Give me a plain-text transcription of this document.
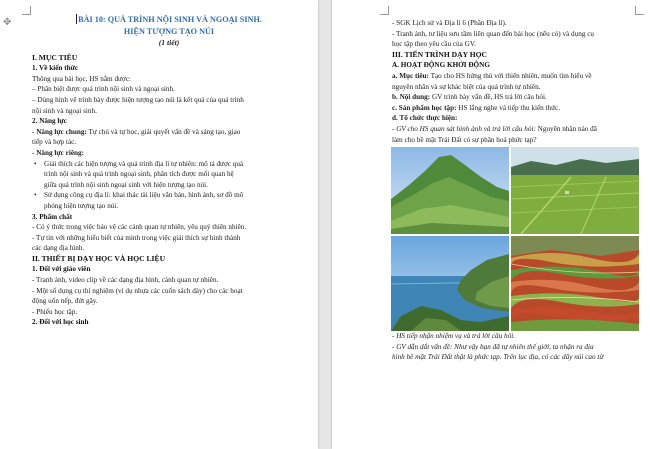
✥	BÀI 10: QUÁ TRÌNH NỘI SINH VÀ NGOẠI SINH.
HIỆN TƯỢNG TẠO NÚI
(1 tiết)
I. MỤC TIÊU
1. Về kiến thức
Thông qua bài học, HS nắm được:
– Phân biệt được quá trình nội sinh và ngoại sinh.
– Dùng hình vẽ trình bày được hiện tượng tạo núi là kết quả của quá trình
nội sinh và ngoại sinh.
2. Năng lực
- Năng lực chung: Tự chủ và tự học, giải quyết vấn đề và sáng tạo, giao
tiếp và hợp tác.
- Năng lực riêng:
• Giải thích các hiện tượng và quá trình địa lí tự nhiên: mô tả được quá
trình nội sinh và quá trình ngoại sinh, phân tích được mối quan hệ
giữa quá trình nội sinh ngoại sinh với hiện tượng tạo núi.
• Sử dụng công cụ địa lí: khai thác tài liệu văn bản, hình ảnh, sơ đồ mô
phỏng hiện tượng tạo núi.
3. Phẩm chất
- Có ý thức trong việc bảo vệ các cảnh quan tự nhiên, yêu quý thiên nhiên.
- Tự tin với những hiểu biết của mình trong việc giải thích sự hình thành
các dạng địa hình.
II. THIẾT BỊ DẠY HỌC VÀ HỌC LIỆU
1. Đối với giáo viên
- Tranh ảnh, video clip về các dạng địa hình, cảnh quan tự nhiên.
- Một số dụng cụ thí nghiệm (ví dụ nhựa các cuốn sách dày) cho các hoạt
động uốn nếp, đứt gãy.
- Phiếu học tập.
2. Đối với học sinh
- SGK Lịch sử và Địa lí 6 (Phần Địa lí).
- Tranh ảnh, tư liệu sưu tầm liên quan đến bài học (nếu có) và dụng cụ
học tập theo yêu cầu của GV.
III. TIẾN TRÌNH DẠY HỌC
A. HOẠT ĐỘNG KHỞI ĐỘNG
a. Mục tiêu: Tạo cho HS hứng thú với thiên nhiên, muốn tìm hiểu về
nguyên nhân và sự khác biệt của quá trình tự nhiên.
b. Nội dung: GV trình bày vấn đề, HS trả lời câu hỏi.
c. Sản phẩm học tập: HS lắng nghe và tiếp thu kiến thức.
d. Tổ chức thực hiện:
- GV cho HS quan sát hình ảnh và trả lời câu hỏi: Nguyên nhân nào đã
làm cho bề mặt Trái Đất có sự phân hoá phức tạp?
- HS tiếp nhận nhiệm vụ và trả lời câu hỏi.
- GV dẫn dắt vấn đề: Như vậy bạn đã tự nhiên thế giới, ta nhận ra địa
hình bề mặt Trái Đất thật là phức tạp. Trên lục địa, có các dãy núi cao từ
